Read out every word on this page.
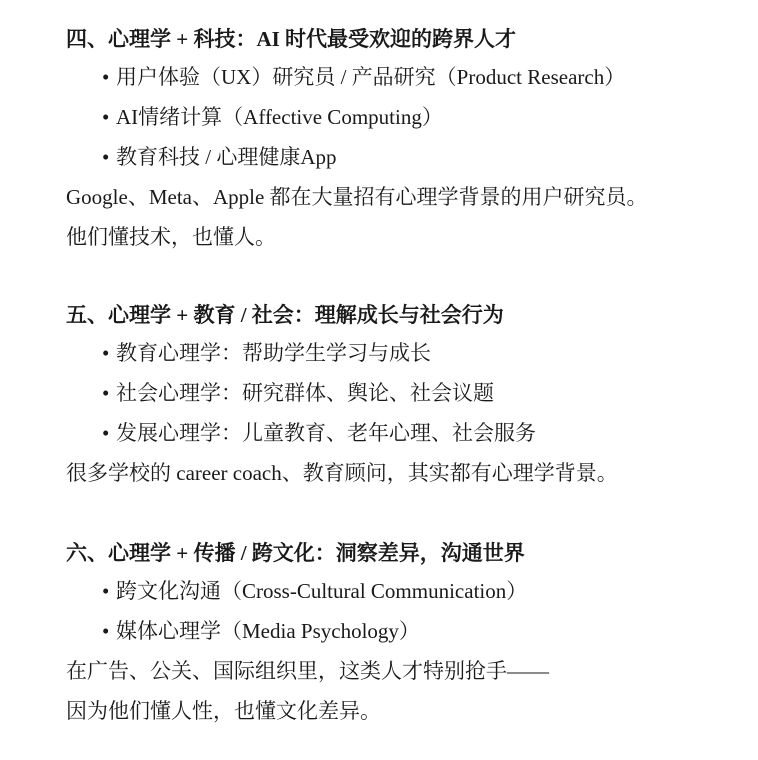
四、心理学 + 科技：AI 时代最受欢迎的跨界人才
• 用户体验（UX）研究员 / 产品研究（Product Research）
• AI情绪计算（Affective Computing）
• 教育科技 / 心理健康App
Google、Meta、Apple 都在大量招有心理学背景的用户研究员。
他们懂技术，也懂人。
五、心理学 + 教育 / 社会：理解成长与社会行为
• 教育心理学：帮助学生学习与成长
• 社会心理学：研究群体、舆论、社会议题
• 发展心理学：儿童教育、老年心理、社会服务
很多学校的 career coach、教育顾问，其实都有心理学背景。
六、心理学 + 传播 / 跨文化：洞察差异，沟通世界
• 跨文化沟通（Cross-Cultural Communication）
• 媒体心理学（Media Psychology）
在广告、公关、国际组织里，这类人才特别抢手——
因为他们懂人性，也懂文化差异。
